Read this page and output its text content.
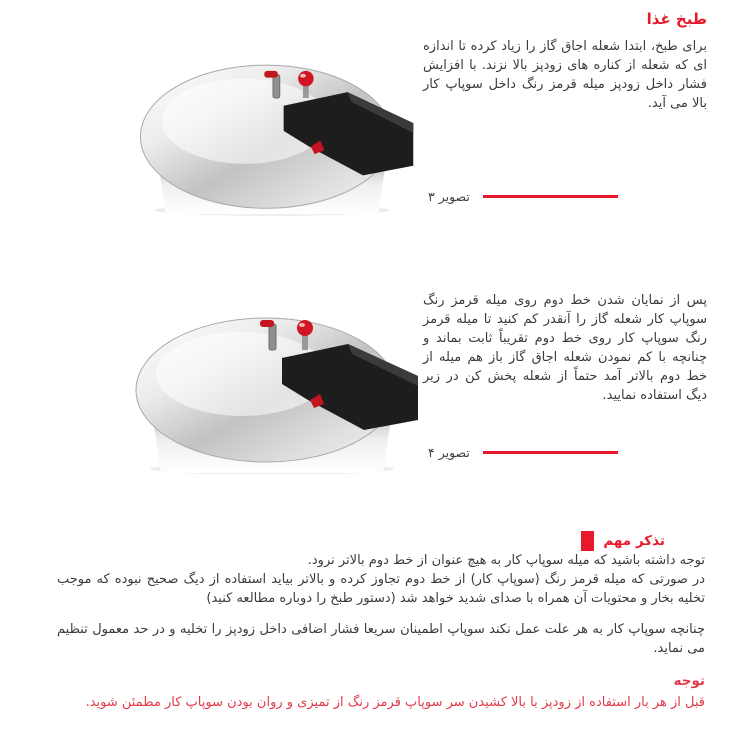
طبخ غذا

برای طبخ، ابتدا شعله اجاق گاز را زیاد کرده تا اندازه ای که شعله از کناره های زودپز بالا نزند. با افزایش فشار داخل زودپز میله قرمز رنگ داخل سوپاپ کار بالا می آید.

تصویر ۳

پس از نمایان شدن خط دوم روی میله قرمز رنگ سوپاپ کار شعله گاز را آنقدر کم کنید تا میله قرمز رنگ سوپاپ کار روی خط دوم تقریباً ثابت بماند و چنانچه با کم نمودن شعله اجاق گاز باز هم میله از خط دوم بالاتر آمد حتماً از شعله پخش کن در زیر دیگ استفاده نمایید.

تصویر ۴
تذکر مهم

توجه داشته باشید که میله سوپاپ کار به هیچ عنوان از خط دوم بالاتر نرود.

در صورتی که میله قرمز رنگ (سوپاپ کار) از خط دوم تجاوز کرده و بالاتر بیاید استفاده از دیگ صحیح نبوده که موجب تخلیه بخار و محتویات آن همراه با صدای شدید خواهد شد (دستور طبخ را دوباره مطالعه کنید)

چنانچه سوپاپ کار به هر علت عمل نکند سوپاپ اطمینان سریعا فشار اضافی داخل زودپز را تخلیه و در حد معمول تنظیم می نماید.

توجه

قبل از هر بار استفاده از زودپز با بالا کشیدن سر سوپاپ قرمز رنگ از تمیزی و روان بودن سوپاپ کار مطمئن شوید.
